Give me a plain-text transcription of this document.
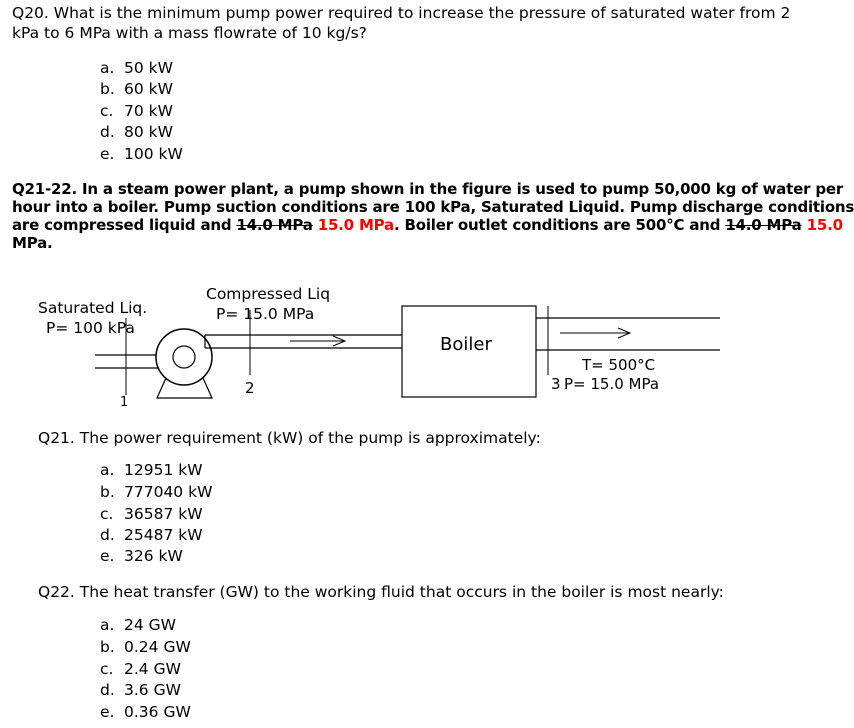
Q20. What is the minimum pump power required to increase the pressure of saturated water from 2
kPa to 6 MPa with a mass flowrate of 10 kg/s?
a. 50 kW
b. 60 kW
c. 70 kW
d. 80 kW
e. 100 kW
Q21-22. In a steam power plant, a pump shown in the figure is used to pump 50,000 kg of water per
hour into a boiler. Pump suction conditions are 100 kPa, Saturated Liquid. Pump discharge conditions
are compressed liquid and 14.0 MPa 15.0 MPa. Boiler outlet conditions are 500°C and 14.0 MPa 15.0
MPa.
Saturated Liq.
P= 100 kPa
Compressed Liq
P= 15.0 MPa
Boiler
T= 500°C
P= 15.0 MPa
1
2	3
Q21. The power requirement (kW) of the pump is approximately:
a. 12951 kW
b. 777040 kW
c. 36587 kW
d. 25487 kW
e. 326 kW
Q22. The heat transfer (GW) to the working fluid that occurs in the boiler is most nearly:
a. 24 GW
b. 0.24 GW
c. 2.4 GW
d. 3.6 GW
e. 0.36 GW
